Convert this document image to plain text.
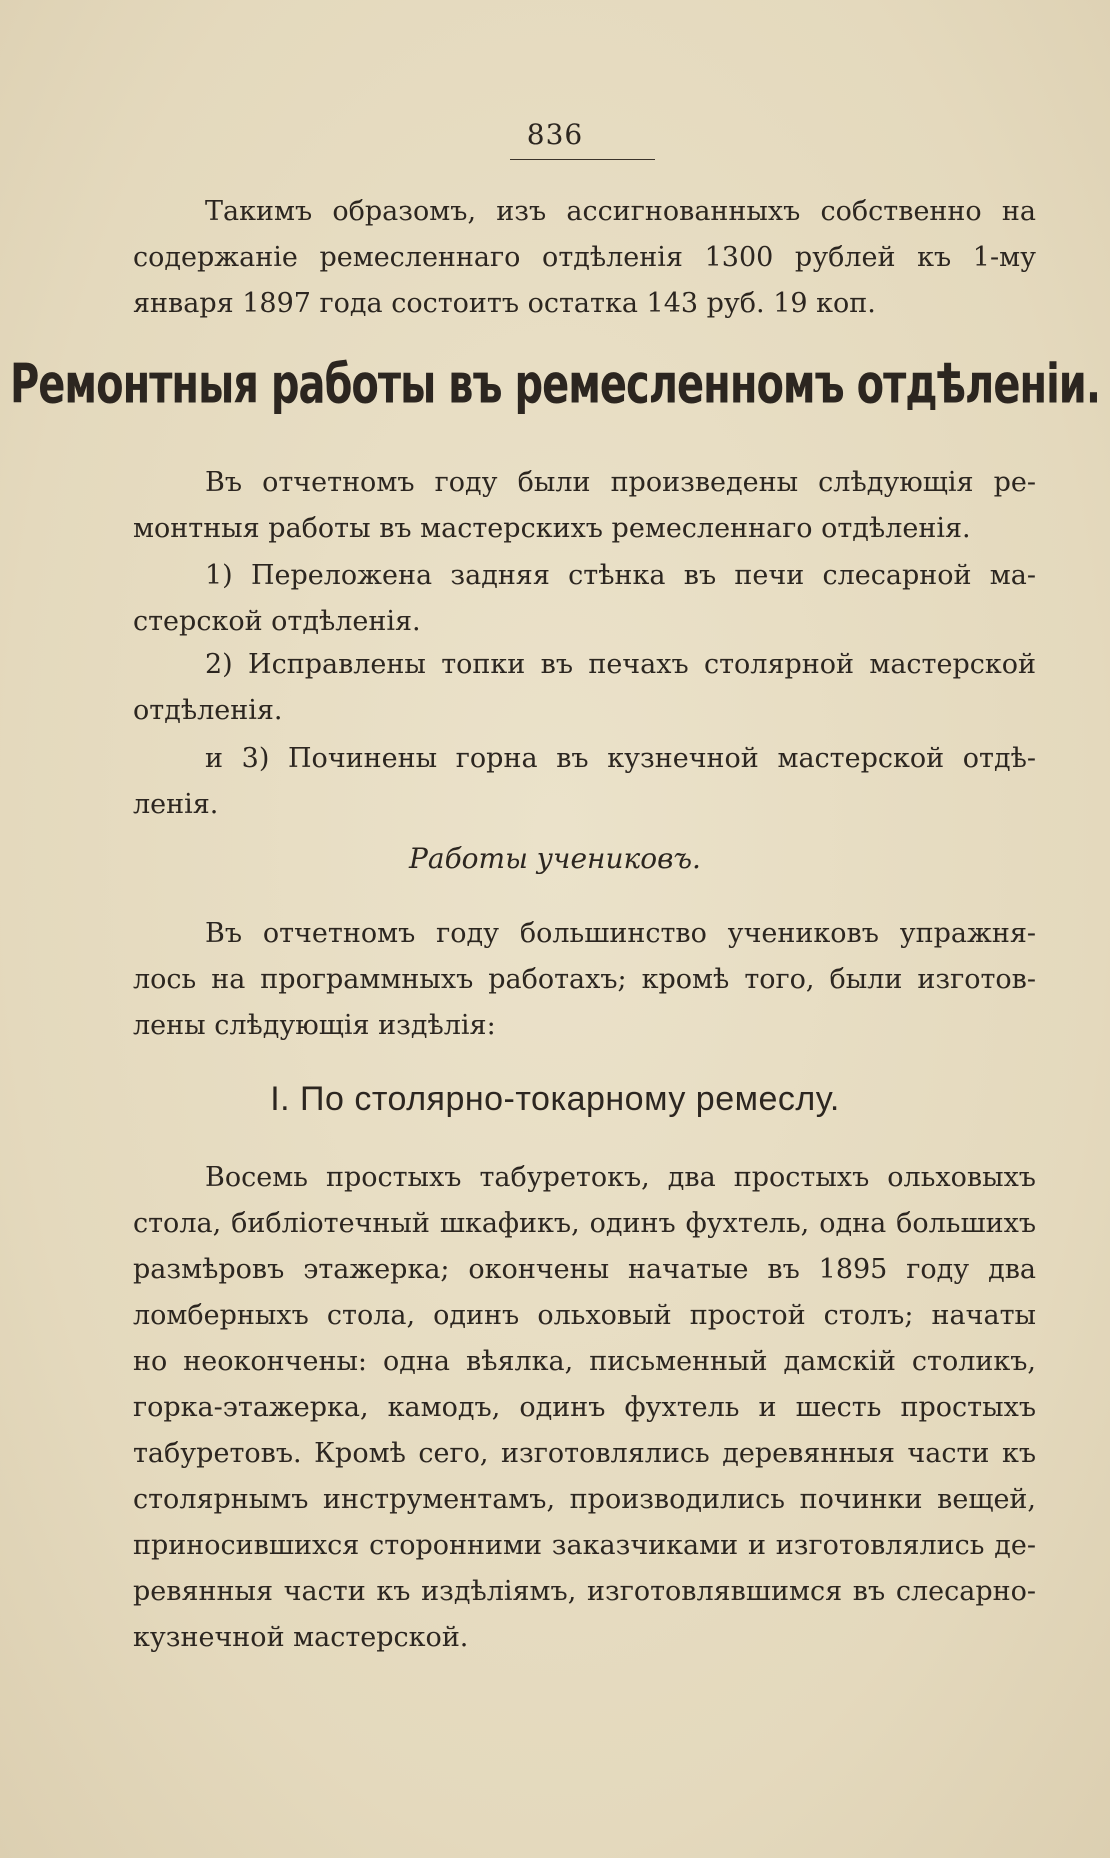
836
Такимъ образомъ, изъ ассигнованныхъ собственно на
содержаніе ремесленнаго отдѣленія 1300 рублей къ 1-му
января 1897 года состоитъ остатка 143 руб. 19 коп.
Ремонтныя работы въ ремесленномъ отдѣленіи.
Въ отчетномъ году были произведены слѣдующія ре-
монтныя работы въ мастерскихъ ремесленнаго отдѣленія.
1) Переложена задняя стѣнка въ печи слесарной ма-
стерской отдѣленія.
2) Исправлены топки въ печахъ столярной мастерской
отдѣленія.
и 3) Починены горна въ кузнечной мастерской отдѣ-
ленія.
Работы учениковъ.
Въ отчетномъ году большинство учениковъ упражня-
лось на программныхъ работахъ; кромѣ того, были изготов-
лены слѣдующія издѣлія:
I. По столярно-токарному ремеслу.
Восемь простыхъ табуретокъ, два простыхъ ольховыхъ
стола, библіотечный шкафикъ, одинъ фухтель, одна большихъ
размѣровъ этажерка; окончены начатые въ 1895 году два
ломберныхъ стола, одинъ ольховый простой столъ; начаты
но неокончены: одна вѣялка, письменный дамскій столикъ,
горка-этажерка, камодъ, одинъ фухтель и шесть простыхъ
табуретовъ. Кромѣ сего, изготовлялись деревянныя части къ
столярнымъ инструментамъ, производились починки вещей,
приносившихся сторонними заказчиками и изготовлялись де-
ревянныя части къ издѣліямъ, изготовлявшимся въ слесарно-
кузнечной мастерской.
